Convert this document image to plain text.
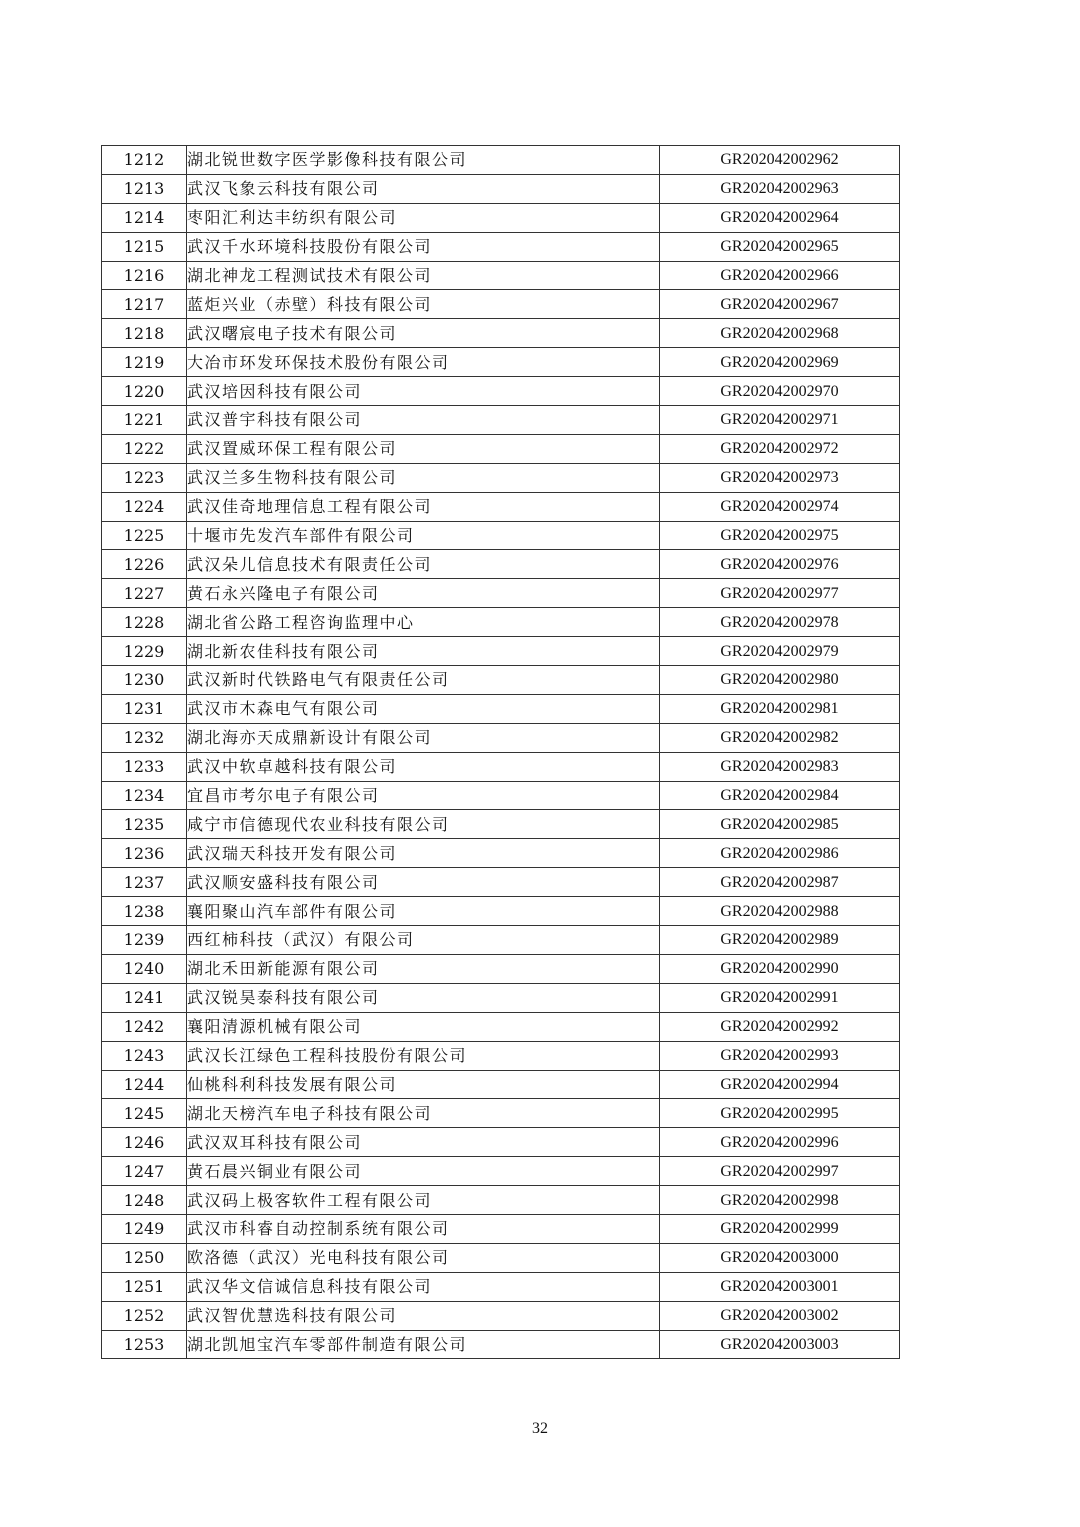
1212	湖北锐世数字医学影像科技有限公司	GR202042002962
1213	武汉飞象云科技有限公司	GR202042002963
1214	枣阳汇利达丰纺织有限公司	GR202042002964
1215	武汉千水环境科技股份有限公司	GR202042002965
1216	湖北神龙工程测试技术有限公司	GR202042002966
1217	蓝炬兴业（赤壁）科技有限公司	GR202042002967
1218	武汉曙宸电子技术有限公司	GR202042002968
1219	大冶市环发环保技术股份有限公司	GR202042002969
1220	武汉培因科技有限公司	GR202042002970
1221	武汉普宇科技有限公司	GR202042002971
1222	武汉置威环保工程有限公司	GR202042002972
1223	武汉兰多生物科技有限公司	GR202042002973
1224	武汉佳奇地理信息工程有限公司	GR202042002974
1225	十堰市先发汽车部件有限公司	GR202042002975
1226	武汉朵儿信息技术有限责任公司	GR202042002976
1227	黄石永兴隆电子有限公司	GR202042002977
1228	湖北省公路工程咨询监理中心	GR202042002978
1229	湖北新农佳科技有限公司	GR202042002979
1230	武汉新时代铁路电气有限责任公司	GR202042002980
1231	武汉市木森电气有限公司	GR202042002981
1232	湖北海亦天成鼎新设计有限公司	GR202042002982
1233	武汉中软卓越科技有限公司	GR202042002983
1234	宜昌市考尔电子有限公司	GR202042002984
1235	咸宁市信德现代农业科技有限公司	GR202042002985
1236	武汉瑞天科技开发有限公司	GR202042002986
1237	武汉顺安盛科技有限公司	GR202042002987
1238	襄阳聚山汽车部件有限公司	GR202042002988
1239	西红柿科技（武汉）有限公司	GR202042002989
1240	湖北禾田新能源有限公司	GR202042002990
1241	武汉锐昊泰科技有限公司	GR202042002991
1242	襄阳清源机械有限公司	GR202042002992
1243	武汉长江绿色工程科技股份有限公司	GR202042002993
1244	仙桃科利科技发展有限公司	GR202042002994
1245	湖北天榜汽车电子科技有限公司	GR202042002995
1246	武汉双耳科技有限公司	GR202042002996
1247	黄石晨兴铜业有限公司	GR202042002997
1248	武汉码上极客软件工程有限公司	GR202042002998
1249	武汉市科睿自动控制系统有限公司	GR202042002999
1250	欧洛德（武汉）光电科技有限公司	GR202042003000
1251	武汉华文信诚信息科技有限公司	GR202042003001
1252	武汉智优慧选科技有限公司	GR202042003002
1253	湖北凯旭宝汽车零部件制造有限公司	GR202042003003
32
